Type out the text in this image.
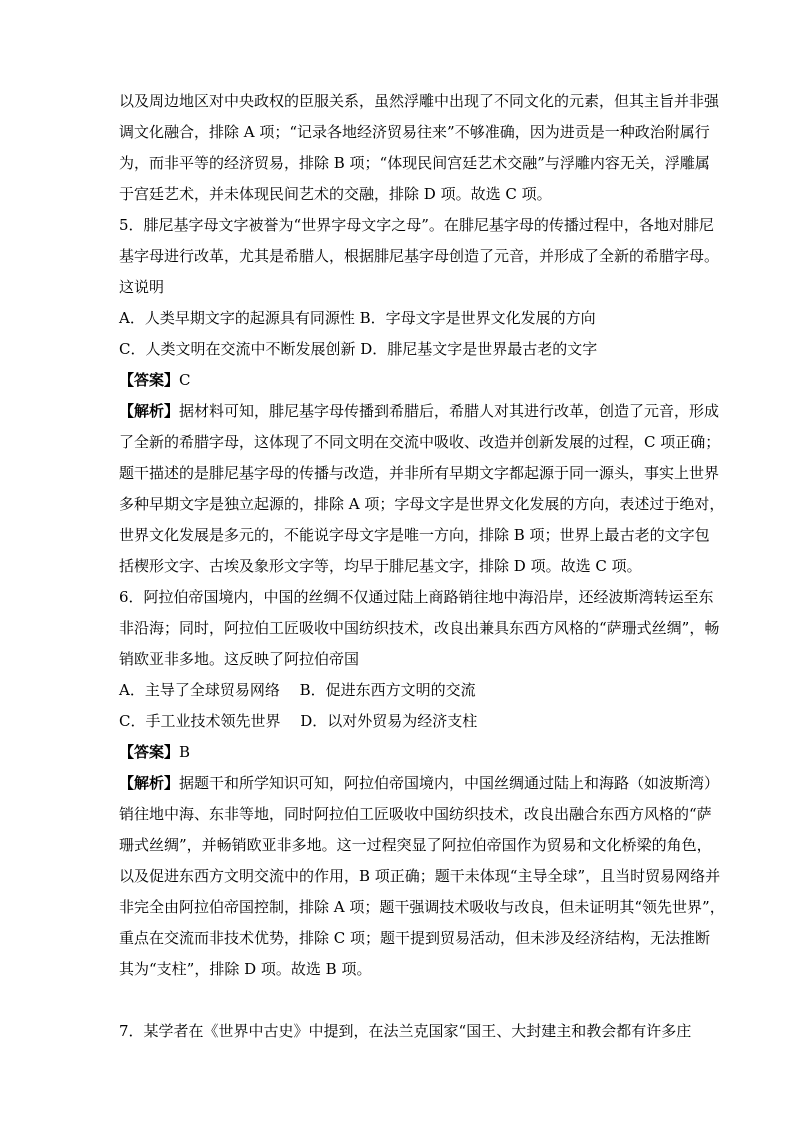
以及周边地区对中央政权的臣服关系，虽然浮雕中出现了不同文化的元素，但其主旨并非强
调文化融合，排除 A 项；“记录各地经济贸易往来”不够准确，因为进贡是一种政治附属行
为，而非平等的经济贸易，排除 B 项；“体现民间宫廷艺术交融”与浮雕内容无关，浮雕属
于宫廷艺术，并未体现民间艺术的交融，排除 D 项。故选 C 项。
5．腓尼基字母文字被誉为“世界字母文字之母”。在腓尼基字母的传播过程中，各地对腓尼
基字母进行改革，尤其是希腊人，根据腓尼基字母创造了元音，并形成了全新的希腊字母。
这说明
A．人类早期文字的起源具有同源性 B．字母文字是世界文化发展的方向
C．人类文明在交流中不断发展创新 D．腓尼基文字是世界最古老的文字
【答案】C
【解析】据材料可知，腓尼基字母传播到希腊后，希腊人对其进行改革，创造了元音，形成
了全新的希腊字母，这体现了不同文明在交流中吸收、改造并创新发展的过程，C 项正确；
题干描述的是腓尼基字母的传播与改造，并非所有早期文字都起源于同一源头，事实上世界
多种早期文字是独立起源的，排除 A 项；字母文字是世界文化发展的方向，表述过于绝对，
世界文化发展是多元的，不能说字母文字是唯一方向，排除 B 项；世界上最古老的文字包
括楔形文字、古埃及象形文字等，均早于腓尼基文字，排除 D 项。故选 C 项。
6．阿拉伯帝国境内，中国的丝绸不仅通过陆上商路销往地中海沿岸，还经波斯湾转运至东
非沿海；同时，阿拉伯工匠吸收中国纺织技术，改良出兼具东西方风格的“萨珊式丝绸”，畅
销欧亚非多地。这反映了阿拉伯帝国
A．主导了全球贸易网络　 B．促进东西方文明的交流
C．手工业技术领先世界　 D．以对外贸易为经济支柱
【答案】B
【解析】据题干和所学知识可知，阿拉伯帝国境内，中国丝绸通过陆上和海路（如波斯湾）
销往地中海、东非等地，同时阿拉伯工匠吸收中国纺织技术，改良出融合东西方风格的“萨
珊式丝绸”，并畅销欧亚非多地。这一过程突显了阿拉伯帝国作为贸易和文化桥梁的角色，
以及促进东西方文明交流中的作用，B 项正确；题干未体现“主导全球”，且当时贸易网络并
非完全由阿拉伯帝国控制，排除 A 项；题干强调技术吸收与改良，但未证明其“领先世界”，
重点在交流而非技术优势，排除 C 项；题干提到贸易活动，但未涉及经济结构，无法推断
其为“支柱”，排除 D 项。故选 B 项。
7．某学者在《世界中古史》中提到，在法兰克国家“国王、大封建主和教会都有许多庄
